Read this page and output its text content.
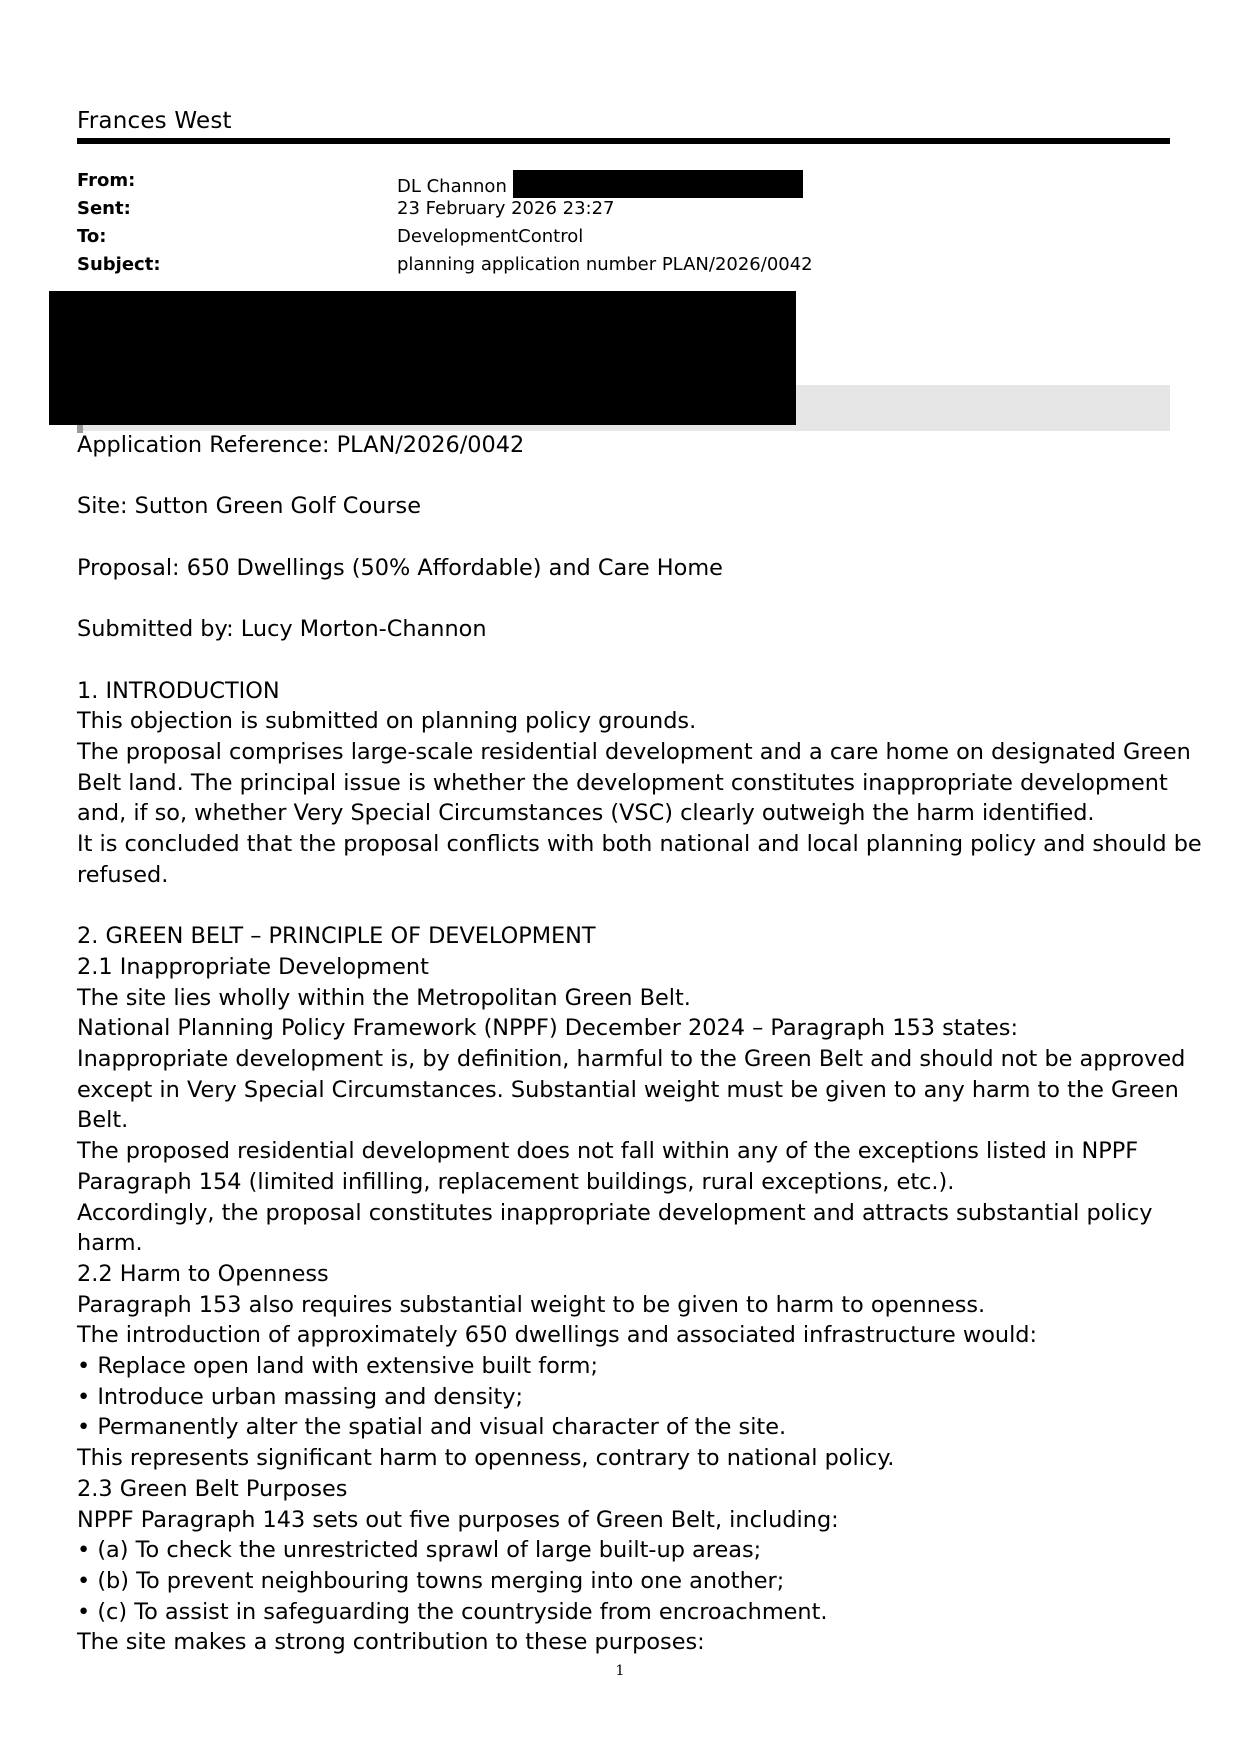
Frances West
From:	DL Channon
Sent:	23 February 2026 23:27
To:	DevelopmentControl
Subject:	planning application number PLAN/2026/0042

Application Reference: PLAN/2026/0042

Site: Sutton Green Golf Course

Proposal: 650 Dwellings (50% Affordable) and Care Home

Submitted by: Lucy Morton-Channon

1. INTRODUCTION

This objection is submitted on planning policy grounds.

The proposal comprises large-scale residential development and a care home on designated Green

Belt land. The principal issue is whether the development constitutes inappropriate development

and, if so, whether Very Special Circumstances (VSC) clearly outweigh the harm identified.

It is concluded that the proposal conflicts with both national and local planning policy and should be

refused.

2. GREEN BELT – PRINCIPLE OF DEVELOPMENT

2.1 Inappropriate Development

The site lies wholly within the Metropolitan Green Belt.

National Planning Policy Framework (NPPF) December 2024 – Paragraph 153 states:

Inappropriate development is, by definition, harmful to the Green Belt and should not be approved

except in Very Special Circumstances. Substantial weight must be given to any harm to the Green

Belt.

The proposed residential development does not fall within any of the exceptions listed in NPPF

Paragraph 154 (limited infilling, replacement buildings, rural exceptions, etc.).

Accordingly, the proposal constitutes inappropriate development and attracts substantial policy

harm.

2.2 Harm to Openness

Paragraph 153 also requires substantial weight to be given to harm to openness.

The introduction of approximately 650 dwellings and associated infrastructure would:

• Replace open land with extensive built form;

• Introduce urban massing and density;

• Permanently alter the spatial and visual character of the site.

This represents significant harm to openness, contrary to national policy.

2.3 Green Belt Purposes

NPPF Paragraph 143 sets out five purposes of Green Belt, including:

• (a) To check the unrestricted sprawl of large built-up areas;

• (b) To prevent neighbouring towns merging into one another;

• (c) To assist in safeguarding the countryside from encroachment.

The site makes a strong contribution to these purposes:

1
